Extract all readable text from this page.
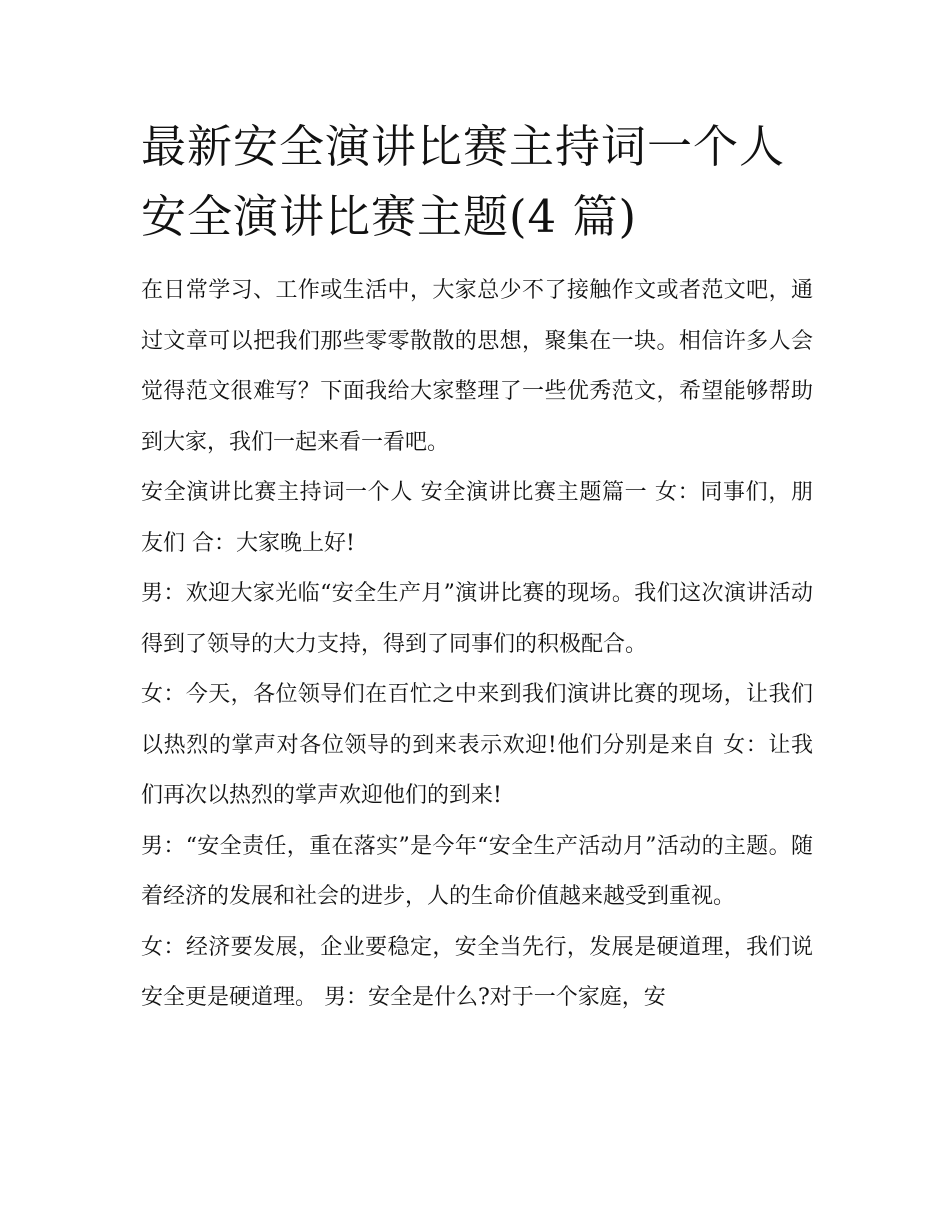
最新安全演讲比赛主持词一个人 安全演讲比赛主题(4 篇)

在日常学习、工作或生活中，大家总少不了接触作文或者范文吧，通过文章可以把我们那些零零散散的思想，聚集在一块。相信许多人会觉得范文很难写？下面我给大家整理了一些优秀范文，希望能够帮助到大家，我们一起来看一看吧。

安全演讲比赛主持词一个人 安全演讲比赛主题篇一 女：同事们，朋友们 合：大家晚上好!

男：欢迎大家光临“安全生产月”演讲比赛的现场。我们这次演讲活动得到了领导的大力支持，得到了同事们的积极配合。

女：今天，各位领导们在百忙之中来到我们演讲比赛的现场，让我们以热烈的掌声对各位领导的到来表示欢迎!他们分别是来自 女：让我们再次以热烈的掌声欢迎他们的到来!

男：“安全责任，重在落实”是今年“安全生产活动月”活动的主题。随着经济的发展和社会的进步，人的生命价值越来越受到重视。

女：经济要发展，企业要稳定，安全当先行，发展是硬道理，我们说安全更是硬道理。 男：安全是什么?对于一个家庭，安
